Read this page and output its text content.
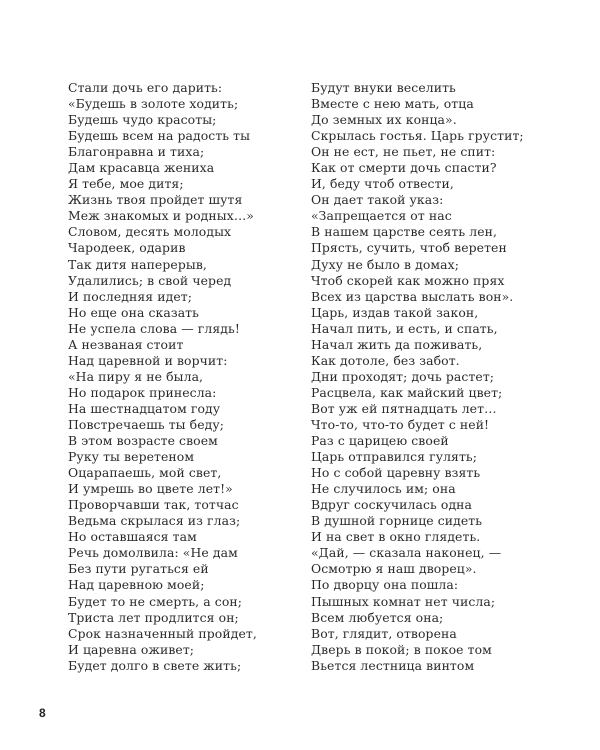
Стали дочь его дарить:
«Будешь в золоте ходить;
Будешь чудо красоты;
Будешь всем на радость ты
Благонравна и тиха;
Дам красавца жениха
Я тебе, мое дитя;
Жизнь твоя пройдет шутя
Меж знакомых и родных…»
Словом, десять молодых
Чародеек, одарив
Так дитя наперерыв,
Удалились; в свой черед
И последняя идет;
Но еще она сказать
Не успела слова — глядь!
А незваная стоит
Над царевной и ворчит:
«На пиру я не была,
Но подарок принесла:
На шестнадцатом году
Повстречаешь ты беду;
В этом возрасте своем
Руку ты веретеном
Оцарапаешь, мой свет,
И умрешь во цвете лет!»
Проворчавши так, тотчас
Ведьма скрылася из глаз;
Но оставшаяся там
Речь домолвила: «Не дам
Без пути ругаться ей
Над царевною моей;
Будет то не смерть, а сон;
Триста лет продлится он;
Срок назначенный пройдет,
И царевна оживет;
Будет долго в свете жить;
Будут внуки веселить
Вместе с нею мать, отца
До земных их конца».
Скрылась гостья. Царь грустит;
Он не ест, не пьет, не спит:
Как от смерти дочь спасти?
И, беду чтоб отвести,
Он дает такой указ:
«Запрещается от нас
В нашем царстве сеять лен,
Прясть, сучить, чтоб веретен
Духу не было в домах;
Чтоб скорей как можно прях
Всех из царства выслать вон».
Царь, издав такой закон,
Начал пить, и есть, и спать,
Начал жить да поживать,
Как дотоле, без забот.
Дни проходят; дочь растет;
Расцвела, как майский цвет;
Вот уж ей пятнадцать лет…
Что-то, что-то будет с ней!
Раз с царицею своей
Царь отправился гулять;
Но с собой царевну взять
Не случилось им; она
Вдруг соскучилась одна
В душной горнице сидеть
И на свет в окно глядеть.
«Дай, — сказала наконец, —
Осмотрю я наш дворец».
По дворцу она пошла:
Пышных комнат нет числа;
Всем любуется она;
Вот, глядит, отворена
Дверь в покой; в покое том
Вьется лестница винтом
8
